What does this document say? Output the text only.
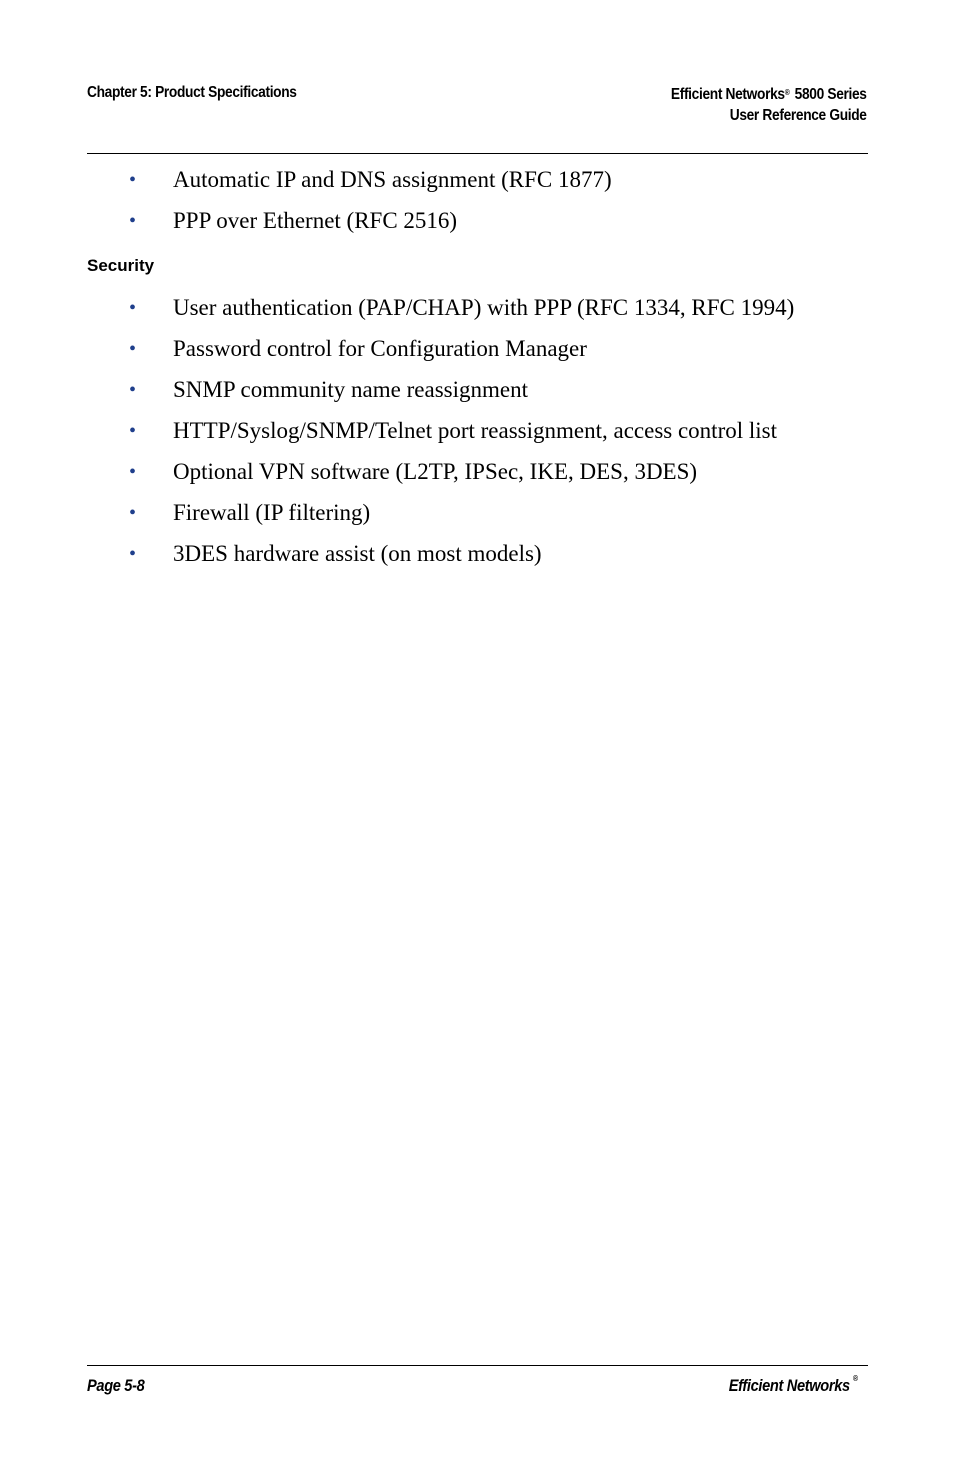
Chapter 5: Product Specifications	Efficient Networks® 5800 Series
User Reference Guide
• Automatic IP and DNS assignment (RFC 1877)
• PPP over Ethernet (RFC 2516)
Security
• User authentication (PAP/CHAP) with PPP (RFC 1334, RFC 1994)
• Password control for Configuration Manager
• SNMP community name reassignment
• HTTP/Syslog/SNMP/Telnet port reassignment, access control list
• Optional VPN software (L2TP, IPSec, IKE, DES, 3DES)
• Firewall (IP filtering)
• 3DES hardware assist (on most models)
Page 5-8	Efficient Networks ®
